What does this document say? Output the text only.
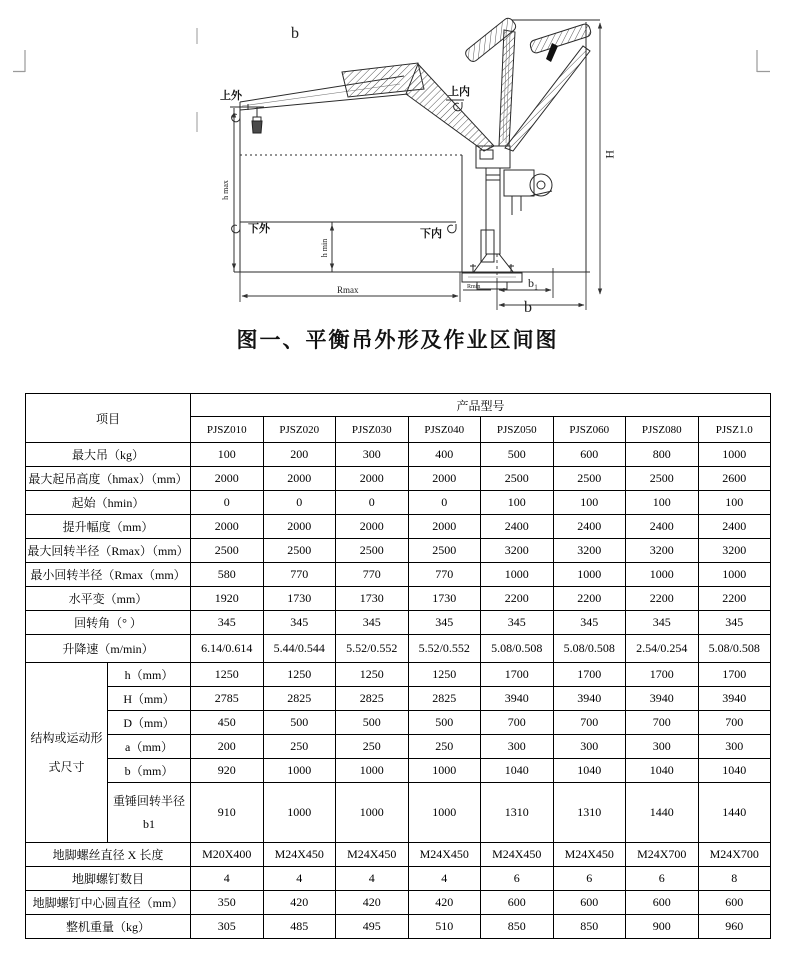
b
H
h max
h min
Rmax	Rmin	b₁
b
上外	上内
下外	下内
图一、平衡吊外形及作业区间图
项目		产品型号							
		PJSZ010	PJSZ020	PJSZ030	PJSZ040	PJSZ050	PJSZ060	PJSZ080	PJSZ1.0
最大吊（kg）		100	200	300	400	500	600	800	1000
最大起吊高度（hmax）（mm）		2000	2000	2000	2000	2500	2500	2500	2600
起始（hmin）		0	0	0	0	100	100	100	100
提升幅度（mm）		2000	2000	2000	2000	2400	2400	2400	2400
最大回转半径（Rmax）（mm）		2500	2500	2500	2500	3200	3200	3200	3200
最小回转半径（Rmax（mm）		580	770	770	770	1000	1000	1000	1000
水平变（mm）		1920	1730	1730	1730	2200	2200	2200	2200
回转角（° ）		345	345	345	345	345	345	345	345
升降速（m/min）		6.14/0.614	5.44/0.544	5.52/0.552	5.52/0.552	5.08/0.508	5.08/0.508	2.54/0.254	5.08/0.508

结构或运动形
式尺寸	h（mm）	1250	1250	1250	1250	1700	1700	1700	1700
	H（mm）	2785	2825	2825	2825	3940	3940	3940	3940
	D（mm）	450	500	500	500	700	700	700	700
	a（mm）	200	250	250	250	300	300	300	300
	b（mm）	920	1000	1000	1000	1040	1040	1040	1040

	重锤回转半径
b1	910	1000	1000	1000	1310	1310	1440	1440
地脚螺丝直径 X 长度		M20X400	M24X450	M24X450	M24X450	M24X450	M24X450	M24X700	M24X700
地脚螺钉数目		4	4	4	4	6	6	6	8
地脚螺钉中心圆直径（mm）		350	420	420	420	600	600	600	600
整机重量（kg）		305	485	495	510	850	850	900	960
